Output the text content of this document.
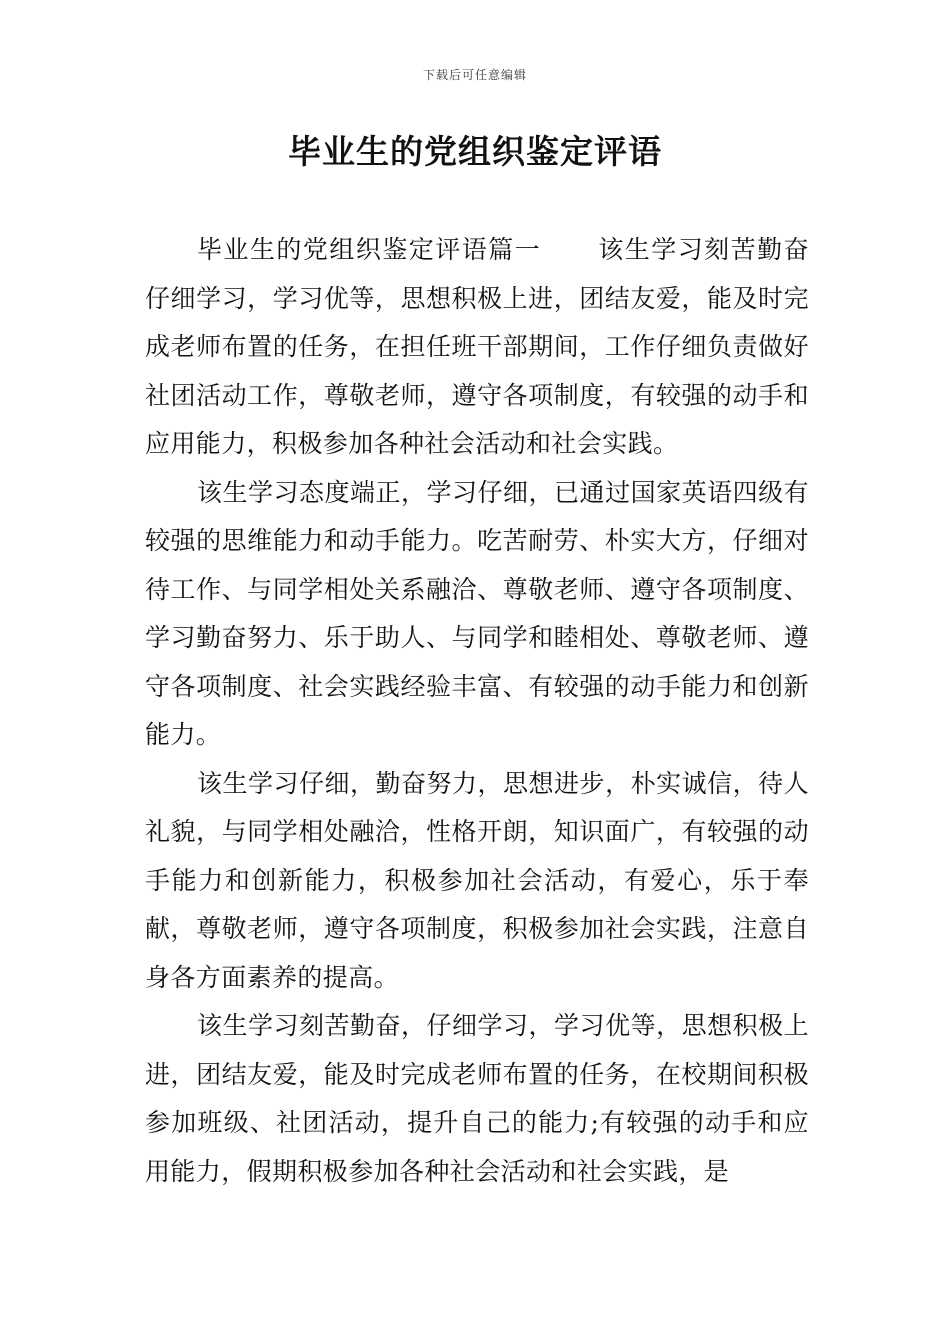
下载后可任意编辑
毕业生的党组织鉴定评语

毕业生的党组织鉴定评语篇一 该生学习刻苦勤奋仔细学习，学习优等，思想积极上进，团结友爱，能及时完成老师布置的任务，在担任班干部期间，工作仔细负责做好社团活动工作，尊敬老师，遵守各项制度，有较强的动手和应用能力，积极参加各种社会活动和社会实践。

该生学习态度端正，学习仔细，已通过国家英语四级有较强的思维能力和动手能力。吃苦耐劳、朴实大方，仔细对待工作、与同学相处关系融洽、尊敬老师、遵守各项制度、学习勤奋努力、乐于助人、与同学和睦相处、尊敬老师、遵守各项制度、社会实践经验丰富、有较强的动手能力和创新能力。

该生学习仔细，勤奋努力，思想进步，朴实诚信，待人礼貌，与同学相处融洽，性格开朗，知识面广，有较强的动手能力和创新能力，积极参加社会活动，有爱心，乐于奉献，尊敬老师，遵守各项制度，积极参加社会实践，注意自身各方面素养的提高。

该生学习刻苦勤奋，仔细学习，学习优等，思想积极上进，团结友爱，能及时完成老师布置的任务，在校期间积极参加班级、社团活动，提升自己的能力;有较强的动手和应用能力，假期积极参加各种社会活动和社会实践，是
